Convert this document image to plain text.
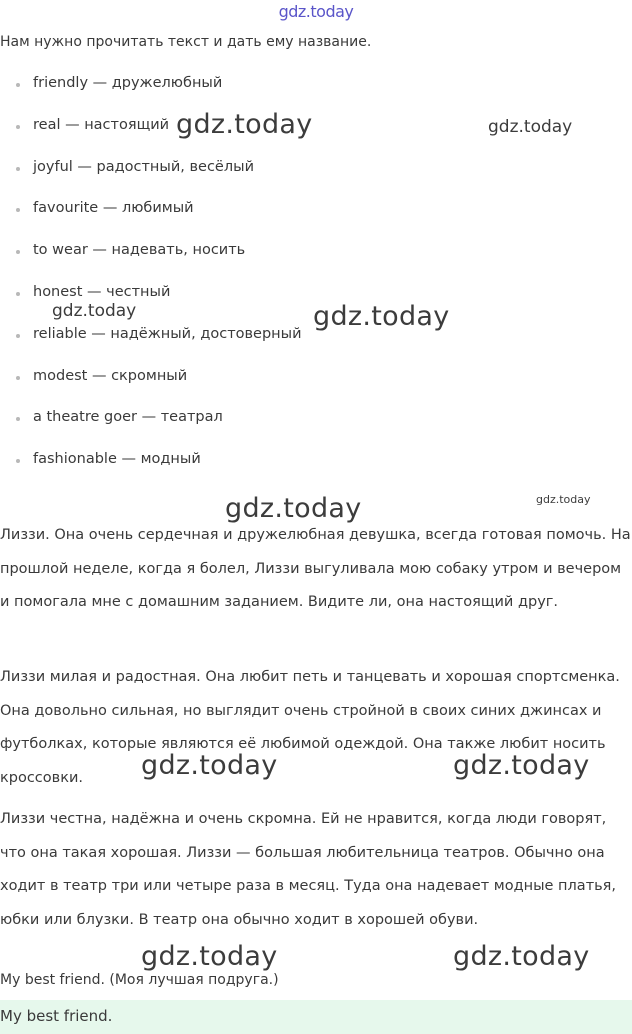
gdz.today
Нам нужно прочитать текст и дать ему название.
friendly — дружелюбный
real — настоящий
joyful — радостный, весёлый
favourite — любимый
to wear — надевать, носить
honest — честный
reliable — надёжный, достоверный
modest — скромный
a theatre goer — театрал
fashionable — модный

Лиззи. Она очень сердечная и дружелюбная девушка, всегда готовая помочь. На прошлой неделе, когда я болел, Лиззи выгуливала мою собаку утром и вечером и помогала мне с домашним заданием. Видите ли, она настоящий друг.

Лиззи милая и радостная. Она любит петь и танцевать и хорошая спортсменка. Она довольно сильная, но выглядит очень стройной в своих синих джинсах и футболках, которые являются её любимой одеждой. Она также любит носить кроссовки.

Лиззи честна, надёжна и очень скромна. Ей не нравится, когда люди говорят, что она такая хорошая. Лиззи — большая любительница театров. Обычно она ходит в театр три или четыре раза в месяц. Туда она надевает модные платья, юбки или блузки. В театр она обычно ходит в хорошей обуви.

My best friend. (Моя лучшая подруга.)
My best friend.
gdz.today	gdz.today
gdz.today	gdz.today
gdz.today	gdz.today
gdz.today	gdz.today
gdz.today	gdz.today
